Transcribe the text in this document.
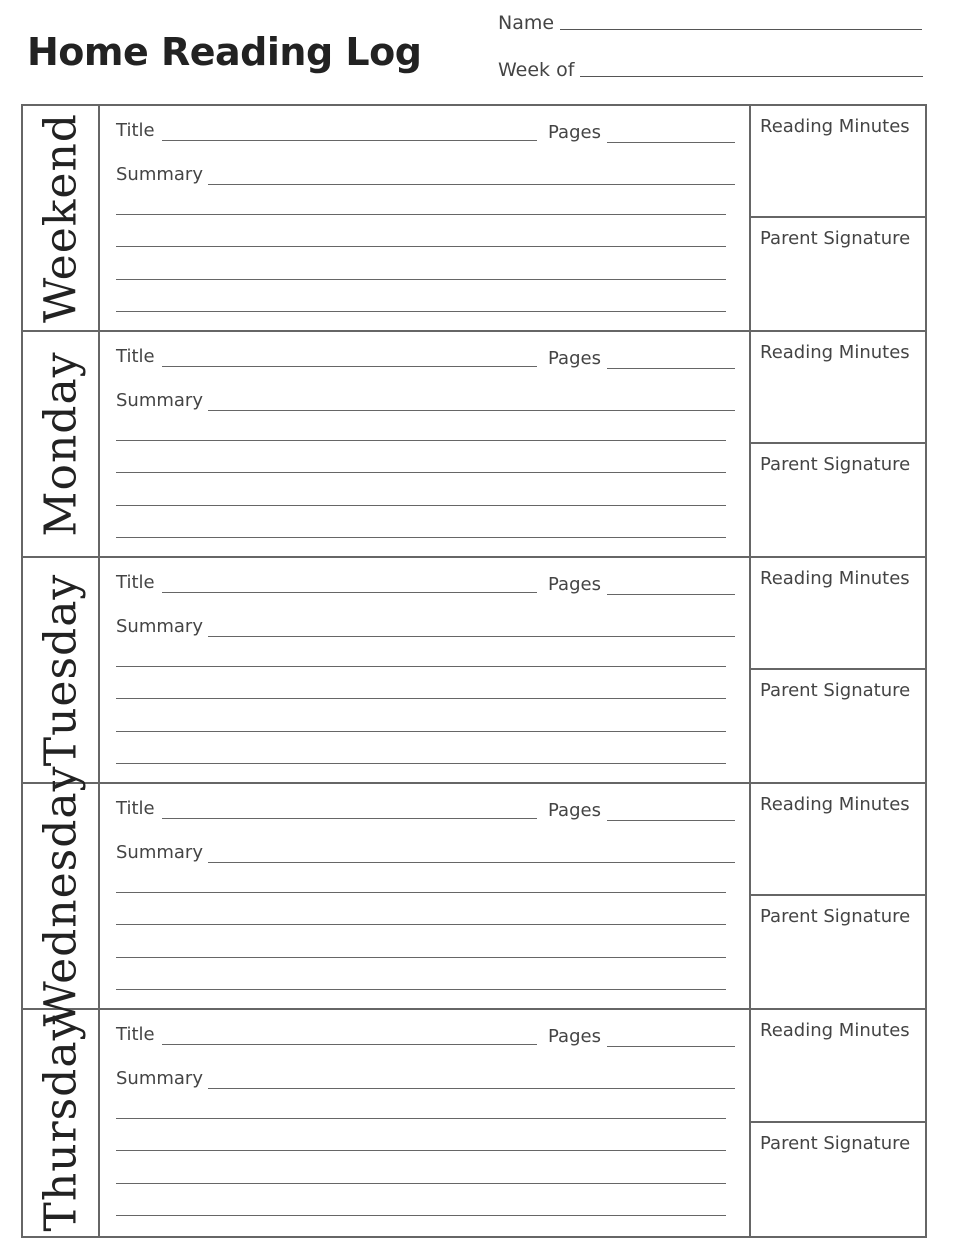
Home Reading Log
Name
Week of
Weekend Title	Pages
Summary
Reading Minutes
Parent Signature
Monday Title	Pages
Summary
Reading Minutes
Parent Signature
Tuesday Title	Pages
Summary
Reading Minutes
Parent Signature
Wednesday Title	Pages
Summary
Reading Minutes
Parent Signature
Thursday Title	Pages
Summary
Reading Minutes
Parent Signature
